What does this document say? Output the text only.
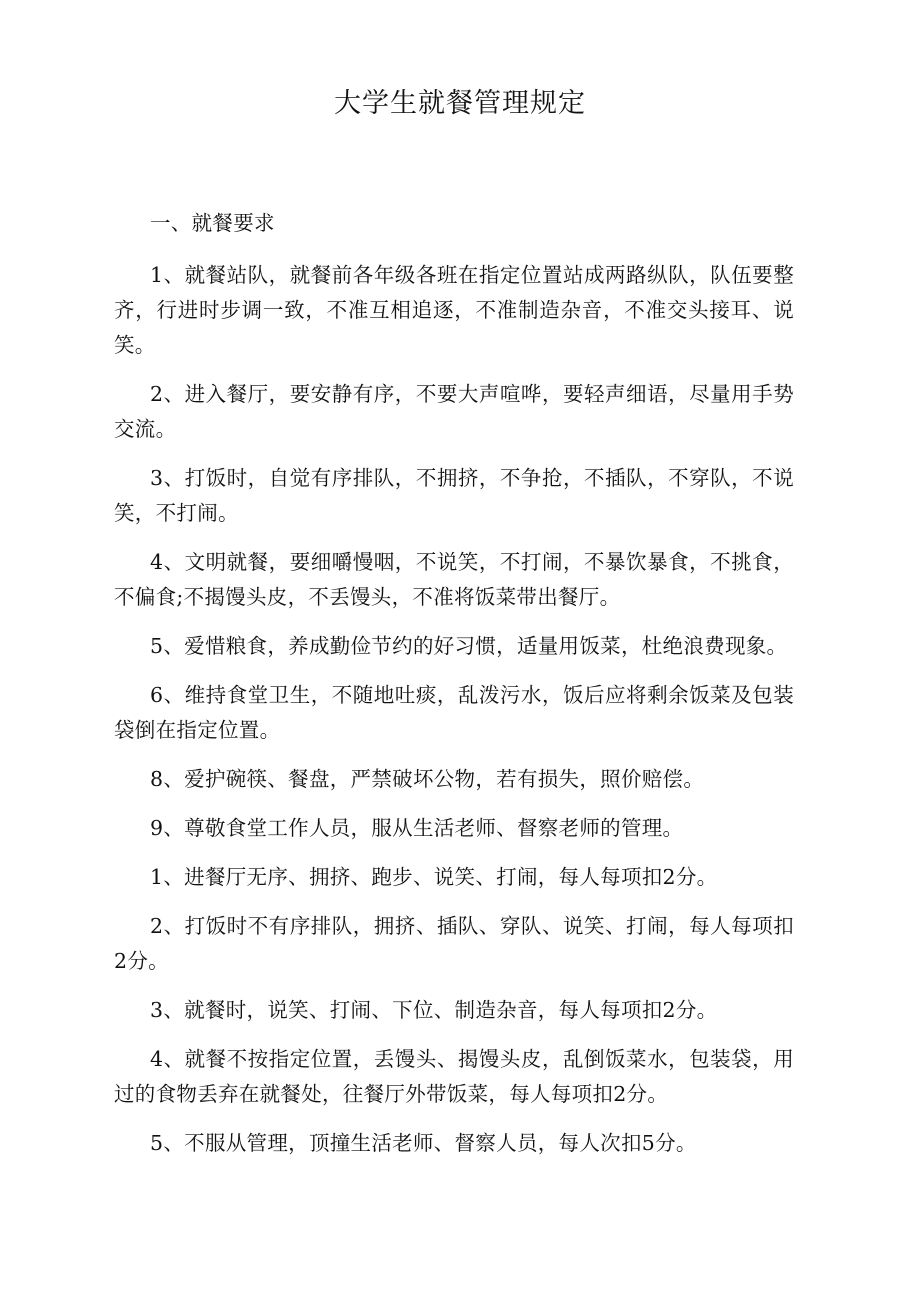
大学生就餐管理规定

一、就餐要求

1、就餐站队，就餐前各年级各班在指定位置站成两路纵队，队伍要整齐，行进时步调一致，不准互相追逐，不准制造杂音，不准交头接耳、说笑。

2、进入餐厅，要安静有序，不要大声喧哗，要轻声细语，尽量用手势交流。

3、打饭时，自觉有序排队，不拥挤，不争抢，不插队，不穿队，不说笑，不打闹。

4、文明就餐，要细嚼慢咽，不说笑，不打闹，不暴饮暴食，不挑食，不偏食;不揭馒头皮，不丢馒头，不准将饭菜带出餐厅。

5、爱惜粮食，养成勤俭节约的好习惯，适量用饭菜，杜绝浪费现象。

6、维持食堂卫生，不随地吐痰，乱泼污水，饭后应将剩余饭菜及包装袋倒在指定位置。

8、爱护碗筷、餐盘，严禁破坏公物，若有损失，照价赔偿。

9、尊敬食堂工作人员，服从生活老师、督察老师的管理。

1、进餐厅无序、拥挤、跑步、说笑、打闹，每人每项扣2分。

2、打饭时不有序排队，拥挤、插队、穿队、说笑、打闹，每人每项扣2分。

3、就餐时，说笑、打闹、下位、制造杂音，每人每项扣2分。

4、就餐不按指定位置，丢馒头、揭馒头皮，乱倒饭菜水，包装袋，用过的食物丢弃在就餐处，往餐厅外带饭菜，每人每项扣2分。

5、不服从管理，顶撞生活老师、督察人员，每人次扣5分。
